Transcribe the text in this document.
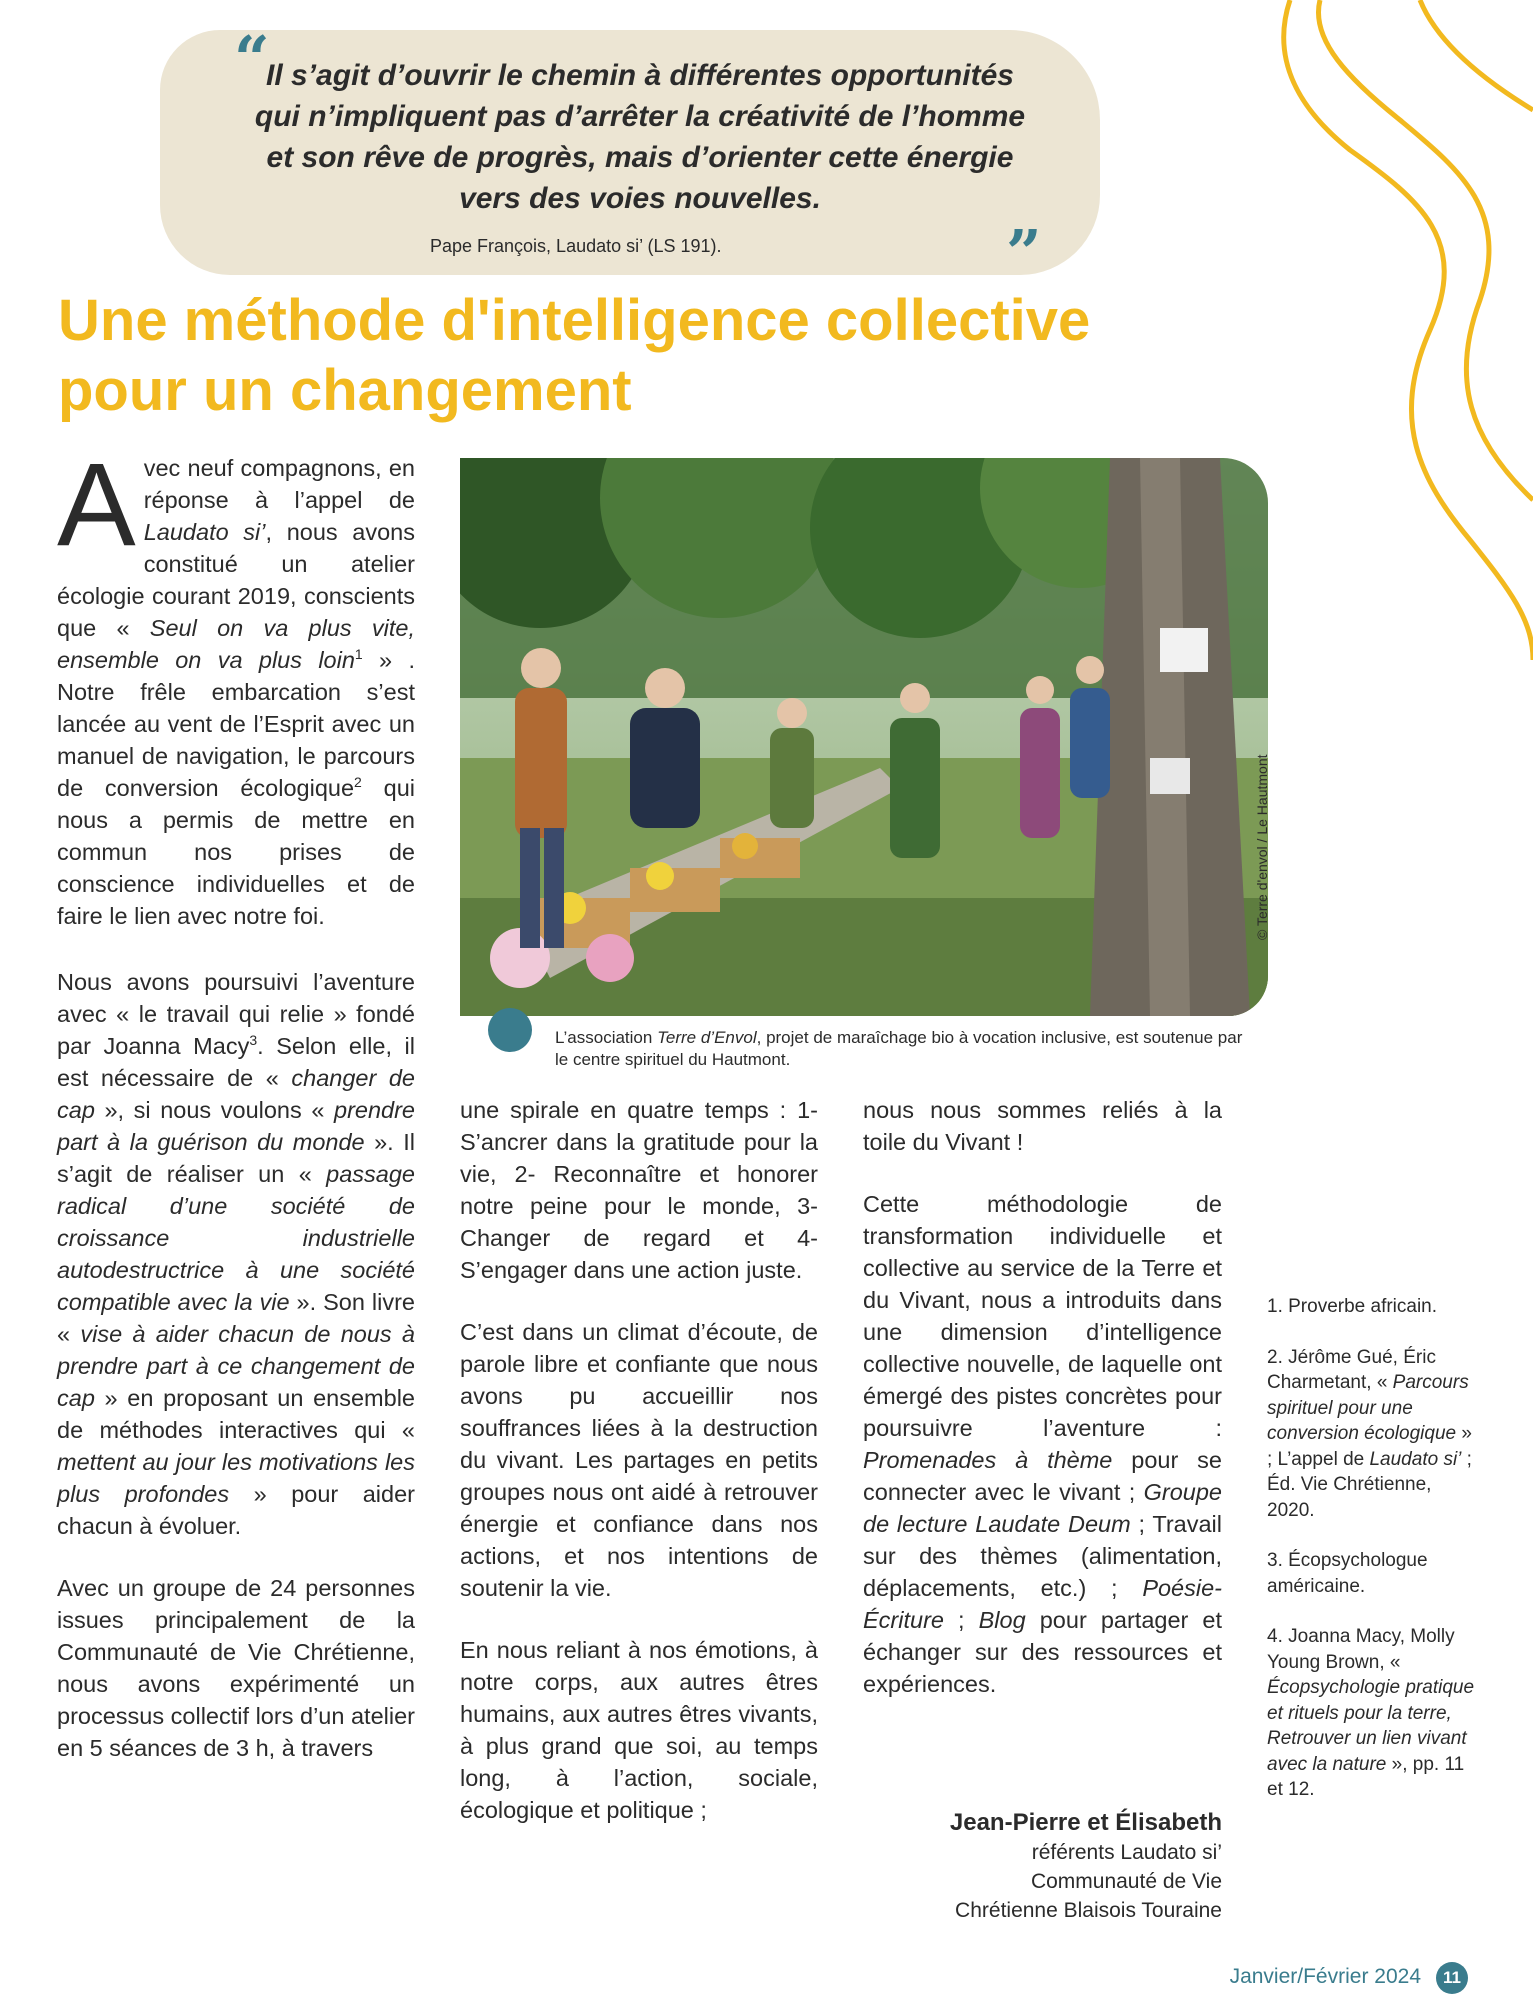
“
”
Il s’agit d’ouvrir le chemin à différentes opportunités
qui n’impliquent pas d’arrêter la créativité de l’homme
et son rêve de progrès, mais d’orienter cette énergie
vers des voies nouvelles.
Pape François, Laudato si’ (LS 191).
Une méthode d'intelligence collective
pour un changement

Avec neuf compagnons, en réponse à l’appel de Laudato si’, nous avons constitué un atelier écologie courant 2019, conscients que « Seul on va plus vite, ensemble on va plus loin$^1$ » . Notre frêle embarcation s’est lancée au vent de l’Esprit avec un manuel de navigation, le parcours de conversion écologique$^2$ qui nous a permis de mettre en commun nos prises de conscience individuelles et de faire le lien avec notre foi.

Nous avons poursuivi l’aventure avec « le travail qui relie » fondé par Joanna Macy$^3$. Selon elle, il est nécessaire de « changer de cap », si nous voulons « prendre part à la guérison du monde ». Il s’agit de réaliser un « passage radical d’une société de croissance industrielle autodestructrice à une société compatible avec la vie ». Son livre « vise à aider chacun de nous à prendre part à ce changement de cap » en proposant un ensemble de méthodes interactives qui « mettent au jour les motivations les plus profondes » pour aider chacun à évoluer.

Avec un groupe de 24 personnes issues principalement de la Communauté de Vie Chrétienne, nous avons expérimenté un processus collectif lors d’un atelier en 5 séances de 3 h, à travers

© Terre d'envol / Le Hautmont
L’association Terre d’Envol, projet de maraîchage bio à vocation inclusive, est soutenue par le centre spirituel du Hautmont.

une spirale en quatre temps : 1- S’ancrer dans la gratitude pour la vie, 2- Reconnaître et honorer notre peine pour le monde, 3- Changer de regard et 4- S’engager dans une action juste.

C’est dans un climat d’écoute, de parole libre et confiante que nous avons pu accueillir nos souffrances liées à la destruction du vivant. Les partages en petits groupes nous ont aidé à retrouver énergie et confiance dans nos actions, et nos intentions de soutenir la vie.

En nous reliant à nos émotions, à notre corps, aux autres êtres humains, aux autres êtres vivants, à plus grand que soi, au temps long, à l’action, sociale, écologique et politique ;

nous nous sommes reliés à la toile du Vivant !

Cette méthodologie de transformation individuelle et collective au service de la Terre et du Vivant, nous a introduits dans une dimension d’intelligence collective nouvelle, de laquelle ont émergé des pistes concrètes pour poursuivre l’aventure : Promenades à thème pour se connecter avec le vivant ; Groupe de lecture Laudate Deum ; Travail sur des thèmes (alimentation, déplacements, etc.) ; Poésie- Écriture ; Blog pour partager et échanger sur des ressources et expériences.

Jean-Pierre et Élisabeth
référents Laudato si’
Communauté de Vie
Chrétienne Blaisois Touraine

1. Proverbe africain.

2. Jérôme Gué, Éric Charmetant, « Parcours spirituel pour une conversion écologique » ; L’appel de Laudato si’ ; Éd. Vie Chrétienne, 2020.

3. Écopsychologue américaine.

4. Joanna Macy, Molly Young Brown, « Écopsychologie pratique et rituels pour la terre, Retrouver un lien vivant avec la nature », pp. 11 et 12.

Janvier/Février 2024	11
